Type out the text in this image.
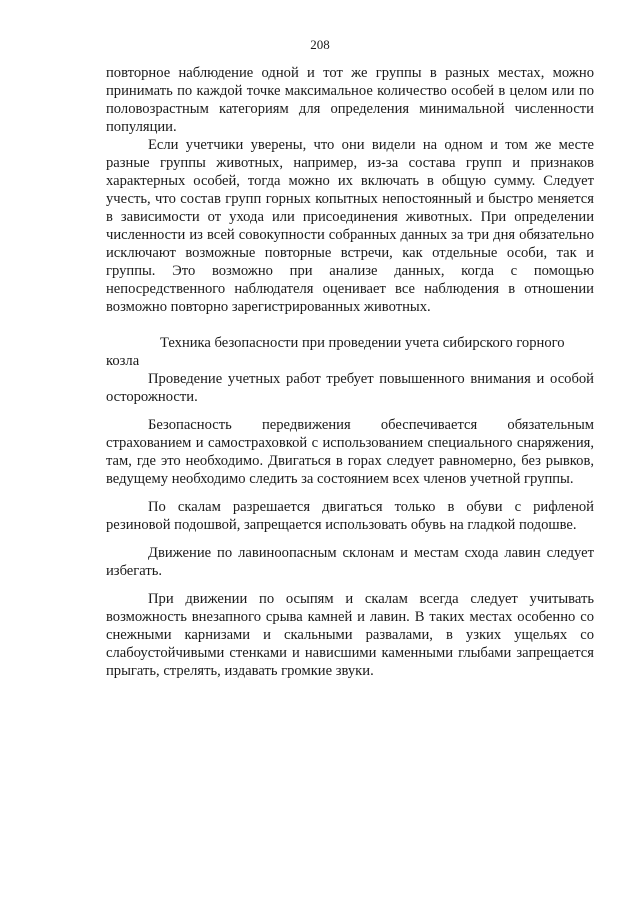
208

повторное наблюдение одной и тот же группы в разных местах, можно принимать по каждой точке максимальное количество особей в целом или по половозрастным категориям для определения минимальной численности популяции.

Если учетчики уверены, что они видели на одном и том же месте разные группы животных, например, из-за состава групп и признаков характерных особей, тогда можно их включать в общую сумму. Следует учесть, что состав групп горных копытных непостоянный и быстро меняется в зависимости от ухода или присоединения животных. При определении численности из всей совокупности собранных данных за три дня обязательно исключают возможные повторные встречи, как отдельные особи, так и группы. Это возможно при анализе данных, когда с помощью непосредственного наблюдателя оценивает все наблюдения в отношении возможно повторно зарегистрированных животных.

Техника безопасности при проведении учета сибирского горного козла

Проведение учетных работ требует повышенного внимания и особой осторожности.

Безопасность передвижения обеспечивается обязательным страхованием и самостраховкой с использованием специального снаряжения, там, где это необходимо. Двигаться в горах следует равномерно, без рывков, ведущему необходимо следить за состоянием всех членов учетной группы.

По скалам разрешается двигаться только в обуви с рифленой резиновой подошвой, запрещается использовать обувь на гладкой подошве.

Движение по лавиноопасным склонам и местам схода лавин следует избегать.

При движении по осыпям и скалам всегда следует учитывать возможность внезапного срыва камней и лавин. В таких местах особенно со снежными карнизами и скальными развалами, в узких ущельях со слабоустойчивыми стенками и нависшими каменными глыбами запрещается прыгать, стрелять, издавать громкие звуки.
